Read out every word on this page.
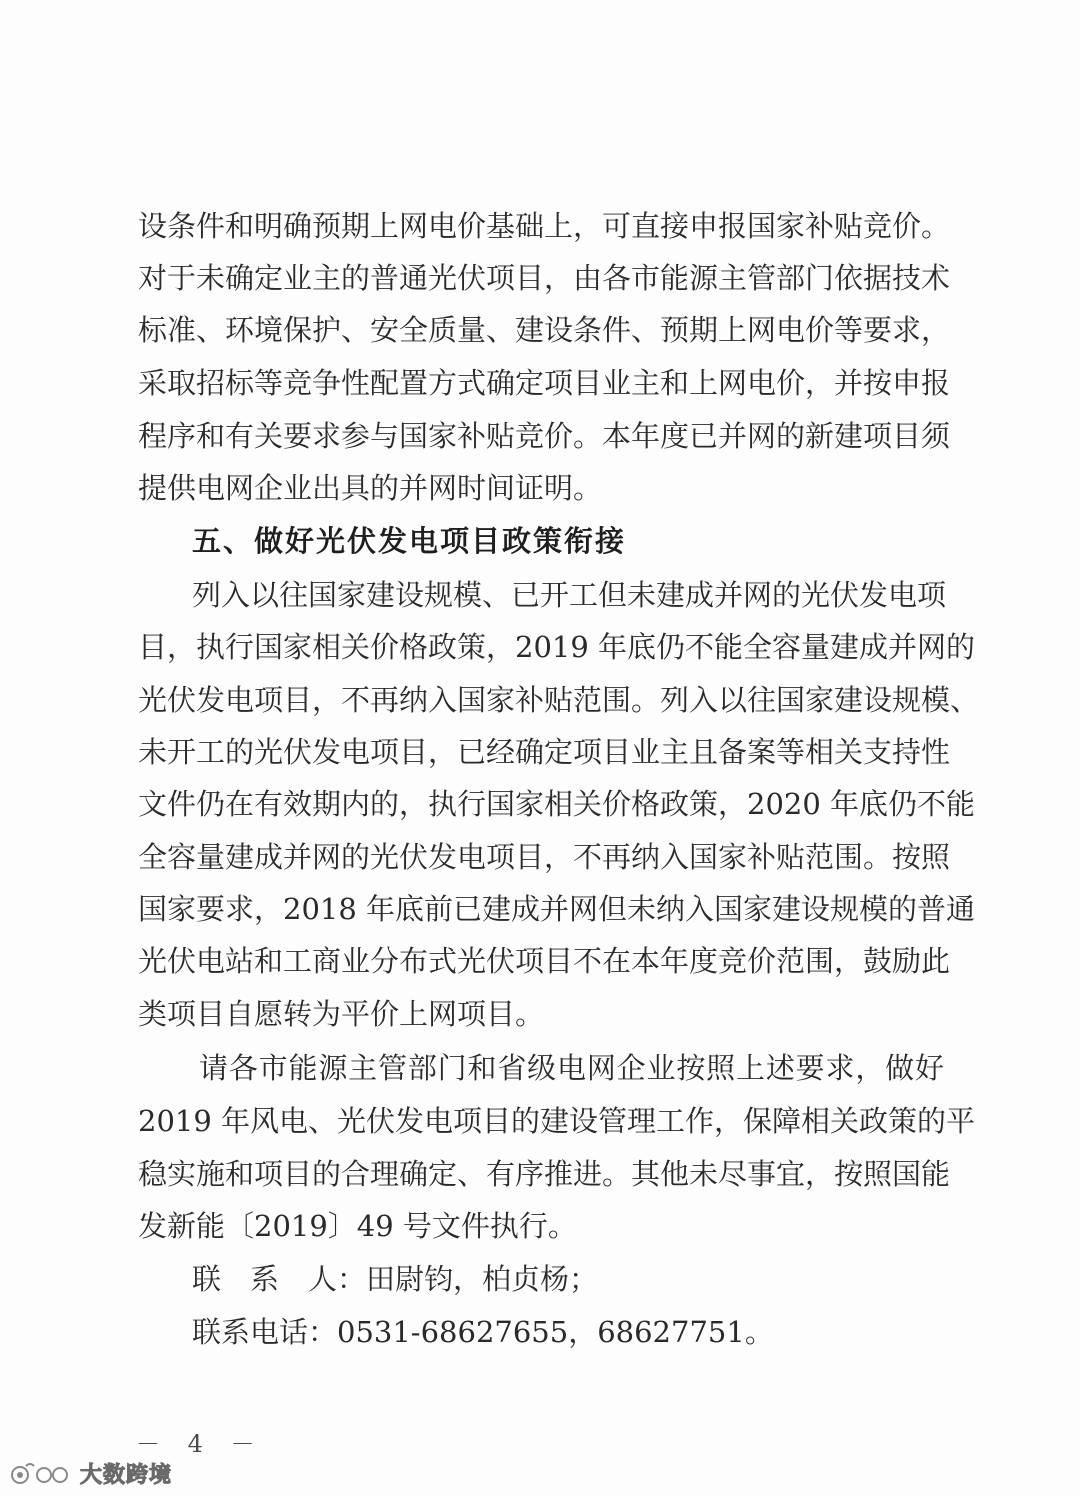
设条件和明确预期上网电价基础上，可直接申报国家补贴竞价。
对于未确定业主的普通光伏项目，由各市能源主管部门依据技术
标准、环境保护、安全质量、建设条件、预期上网电价等要求，
采取招标等竞争性配置方式确定项目业主和上网电价，并按申报
程序和有关要求参与国家补贴竞价。本年度已并网的新建项目须
提供电网企业出具的并网时间证明。
五、做好光伏发电项目政策衔接
列入以往国家建设规模、已开工但未建成并网的光伏发电项
目，执行国家相关价格政策，2019 年底仍不能全容量建成并网的
光伏发电项目，不再纳入国家补贴范围。列入以往国家建设规模、
未开工的光伏发电项目，已经确定项目业主且备案等相关支持性
文件仍在有效期内的，执行国家相关价格政策，2020 年底仍不能
全容量建成并网的光伏发电项目，不再纳入国家补贴范围。按照
国家要求，2018 年底前已建成并网但未纳入国家建设规模的普通
光伏电站和工商业分布式光伏项目不在本年度竞价范围，鼓励此
类项目自愿转为平价上网项目。
请各市能源主管部门和省级电网企业按照上述要求，做好
2019 年风电、光伏发电项目的建设管理工作，保障相关政策的平
稳实施和项目的合理确定、有序推进。其他未尽事宜，按照国能
发新能〔2019〕49 号文件执行。
联　系　人：田尉钧，柏贞杨；
联系电话：0531-68627655，68627751。
－ 4 －
大数跨境
